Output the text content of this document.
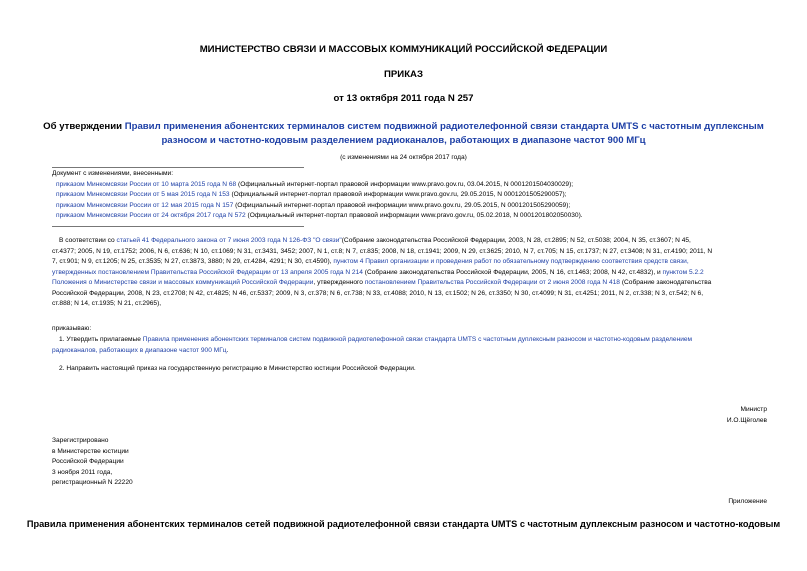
МИНИСТЕРСТВО СВЯЗИ И МАССОВЫХ КОММУНИКАЦИЙ РОССИЙСКОЙ ФЕДЕРАЦИИ
ПРИКАЗ
от 13 октября 2011 года N 257
Об утверждении Правил применения абонентских терминалов систем подвижной радиотелефонной связи стандарта UMTS с частотным дуплексным разносом и частотно-кодовым разделением радиоканалов, работающих в диапазоне частот 900 МГц
(с изменениями на 24 октября 2017 года)
Документ с изменениями, внесенными:
приказом Минкомсвязи России от 10 марта 2015 года N 68 (Официальный интернет-портал правовой информации www.pravo.gov.ru, 03.04.2015, N 0001201504030029);
приказом Минкомсвязи России от 5 мая 2015 года N 153 (Официальный интернет-портал правовой информации www.pravo.gov.ru, 29.05.2015, N 0001201505290057);
приказом Минкомсвязи России от 12 мая 2015 года N 157 (Официальный интернет-портал правовой информации www.pravo.gov.ru, 29.05.2015, N 0001201505290059);
приказом Минкомсвязи России от 24 октября 2017 года N 572 (Официальный интернет-портал правовой информации www.pravo.gov.ru, 05.02.2018, N 0001201802050030).
В соответствии со статьей 41 Федерального закона от 7 июня 2003 года N 126-ФЗ "О связи"(Собрание законодательства Российской Федерации, 2003, N 28, ст.2895; N 52, ст.5038; 2004, N 35, ст.3607; N 45,
ст.4377; 2005, N 19, ст.1752; 2006, N 6, ст.636; N 10, ст.1069; N 31, ст.3431, 3452; 2007, N 1, ст.8; N 7, ст.835; 2008, N 18, ст.1941; 2009, N 29, ст.3625; 2010, N 7, ст.705; N 15, ст.1737; N 27, ст.3408; N 31, ст.4190; 2011, N
7, ст.901; N 9, ст.1205; N 25, ст.3535; N 27, ст.3873, 3880; N 29, ст.4284, 4291; N 30, ст.4590), пунктом 4 Правил организации и проведения работ по обязательному подтверждению соответствия средств связи,
утвержденных постановлением Правительства Российской Федерации от 13 апреля 2005 года N 214 (Собрание законодательства Российской Федерации, 2005, N 16, ст.1463; 2008, N 42, ст.4832), и пунктом 5.2.2
Положения о Министерстве связи и массовых коммуникаций Российской Федерации, утвержденного постановлением Правительства Российской Федерации от 2 июня 2008 года N 418 (Собрание законодательства
Российской Федерации, 2008, N 23, ст.2708; N 42, ст.4825; N 46, ст.5337; 2009, N 3, ст.378; N 6, ст.738; N 33, ст.4088; 2010, N 13, ст.1502; N 26, ст.3350; N 30, ст.4099; N 31, ст.4251; 2011, N 2, ст.338; N 3, ст.542; N 6,
ст.888; N 14, ст.1935; N 21, ст.2965),
приказываю:
1. Утвердить прилагаемые Правила применения абонентских терминалов систем подвижной радиотелефонной связи стандарта UMTS с частотным дуплексным разносом и частотно-кодовым разделением
радиоканалов, работающих в диапазоне частот 900 МГц.
2. Направить настоящий приказ на государственную регистрацию в Министерство юстиции Российской Федерации.
Министр
И.О.Щёголев
Зарегистрировано
в Министерстве юстиции
Российской Федерации
3 ноября 2011 года,
регистрационный N 22220
Приложение
Правила применения абонентских терминалов сетей подвижной радиотелефонной связи стандарта UMTS с частотным дуплексным разносом и частотно-кодовым
